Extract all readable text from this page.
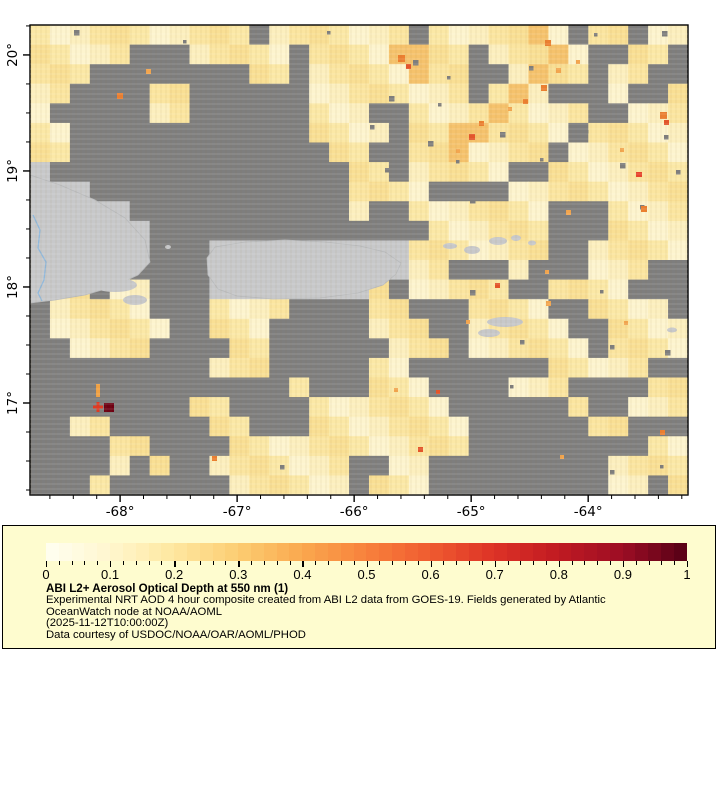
-68°	-67°	-66°	-65°	-64°
20°
19°
18°
17°
0	0.1	0.2	0.3	0.4	0.5	0.6	0.7	0.8	0.9	1
ABI L2+ Aerosol Optical Depth at 550 nm (1)
Experimental NRT AOD 4 hour composite created from ABI L2 data from GOES-19. Fields generated by Atlantic
OceanWatch node at NOAA/AOML
(2025-11-12T10:00:00Z)
Data courtesy of USDOC/NOAA/OAR/AOML/PHOD
